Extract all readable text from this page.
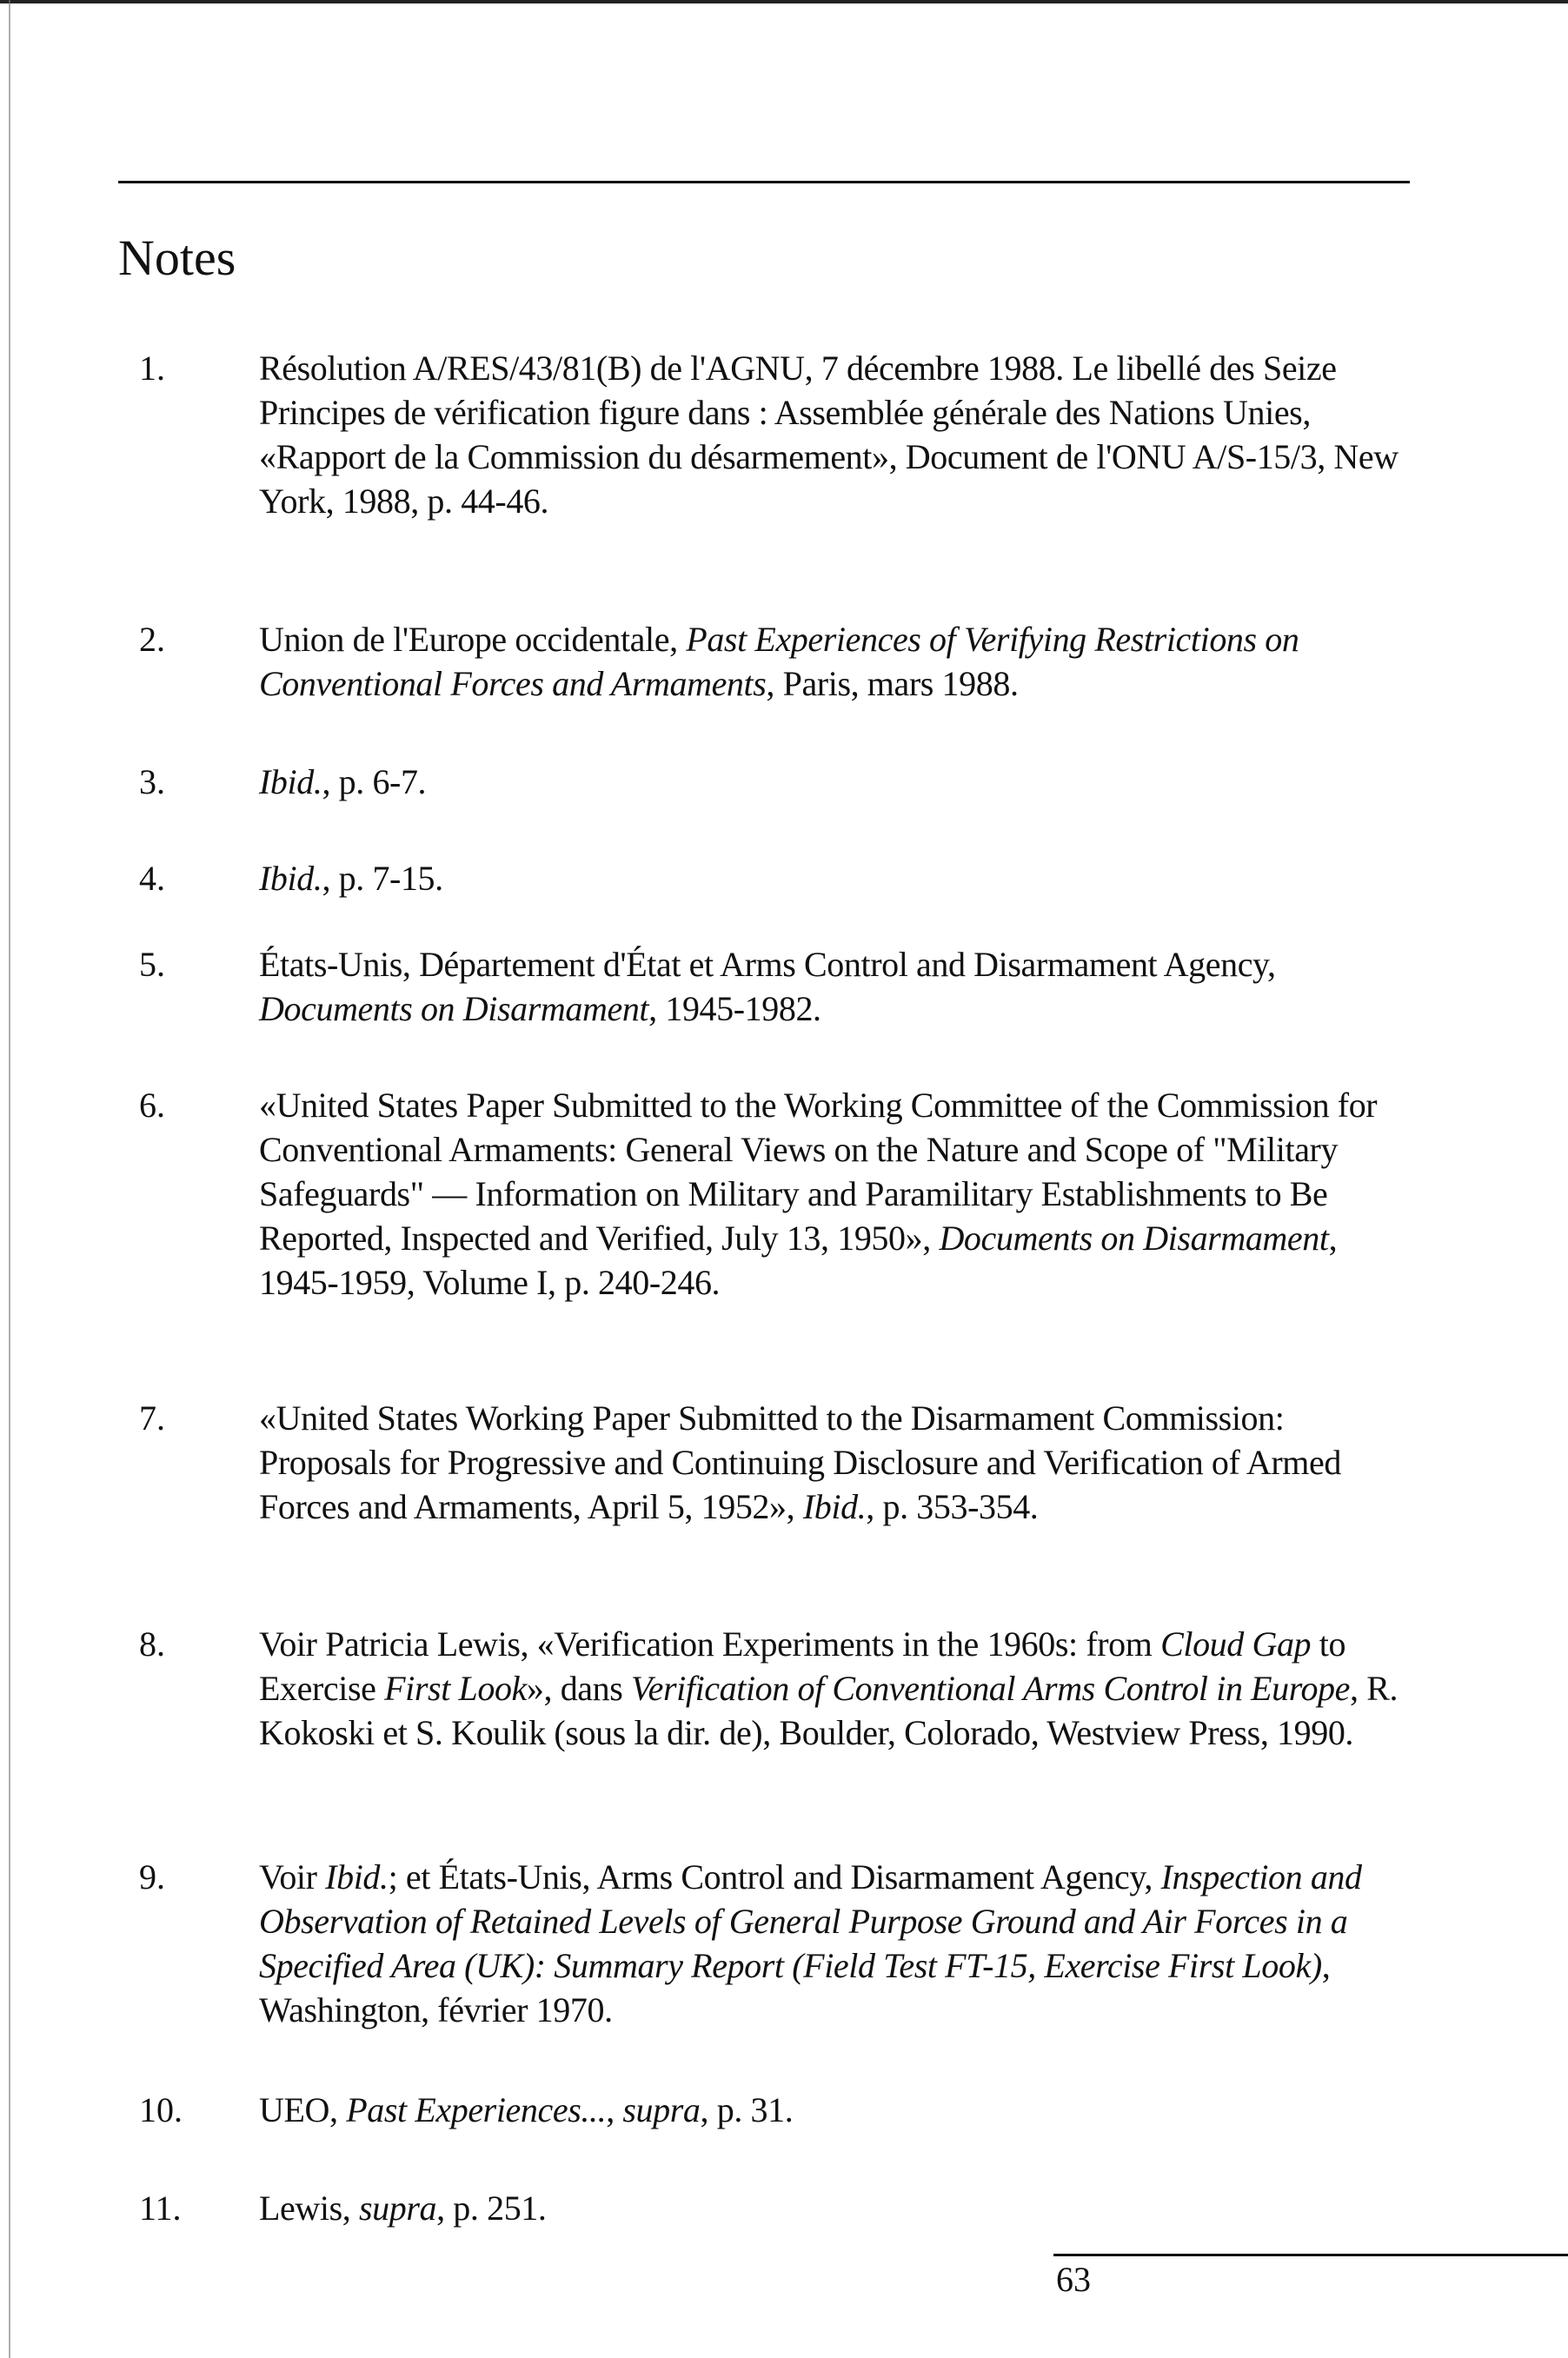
Notes
1.	Résolution A/RES/43/81(B) de l'AGNU, 7 décembre 1988. Le libellé des Seize Principes de vérification figure dans : Assemblée générale des Nations Unies, «Rapport de la Commission du désarmement», Document de l'ONU A/S-15/3, New York, 1988, p. 44-46.
2.	Union de l'Europe occidentale, Past Experiences of Verifying Restrictions on Conventional Forces and Armaments, Paris, mars 1988.
3.	Ibid., p. 6-7.
4.	Ibid., p. 7-15.
5.	États-Unis, Département d'État et Arms Control and Disarmament Agency, Documents on Disarmament, 1945-1982.
6.	«United States Paper Submitted to the Working Committee of the Commission for Conventional Armaments: General Views on the Nature and Scope of "Military Safeguards" — Information on Military and Paramilitary Establishments to Be Reported, Inspected and Verified, July 13, 1950», Documents on Disarmament, 1945-1959, Volume I, p. 240-246.
7.	«United States Working Paper Submitted to the Disarmament Commission: Proposals for Progressive and Continuing Disclosure and Verification of Armed Forces and Armaments, April 5, 1952», Ibid., p. 353-354.
8.	Voir Patricia Lewis, «Verification Experiments in the 1960s: from Cloud Gap to Exercise First Look», dans Verification of Conventional Arms Control in Europe, R. Kokoski et S. Koulik (sous la dir. de), Boulder, Colorado, Westview Press, 1990.
9.	Voir Ibid.; et États-Unis, Arms Control and Disarmament Agency, Inspection and Observation of Retained Levels of General Purpose Ground and Air Forces in a Specified Area (UK): Summary Report (Field Test FT-15, Exercise First Look), Washington, février 1970.
10. UEO, Past Experiences..., supra, p. 31.
11. Lewis, supra, p. 251.
63
